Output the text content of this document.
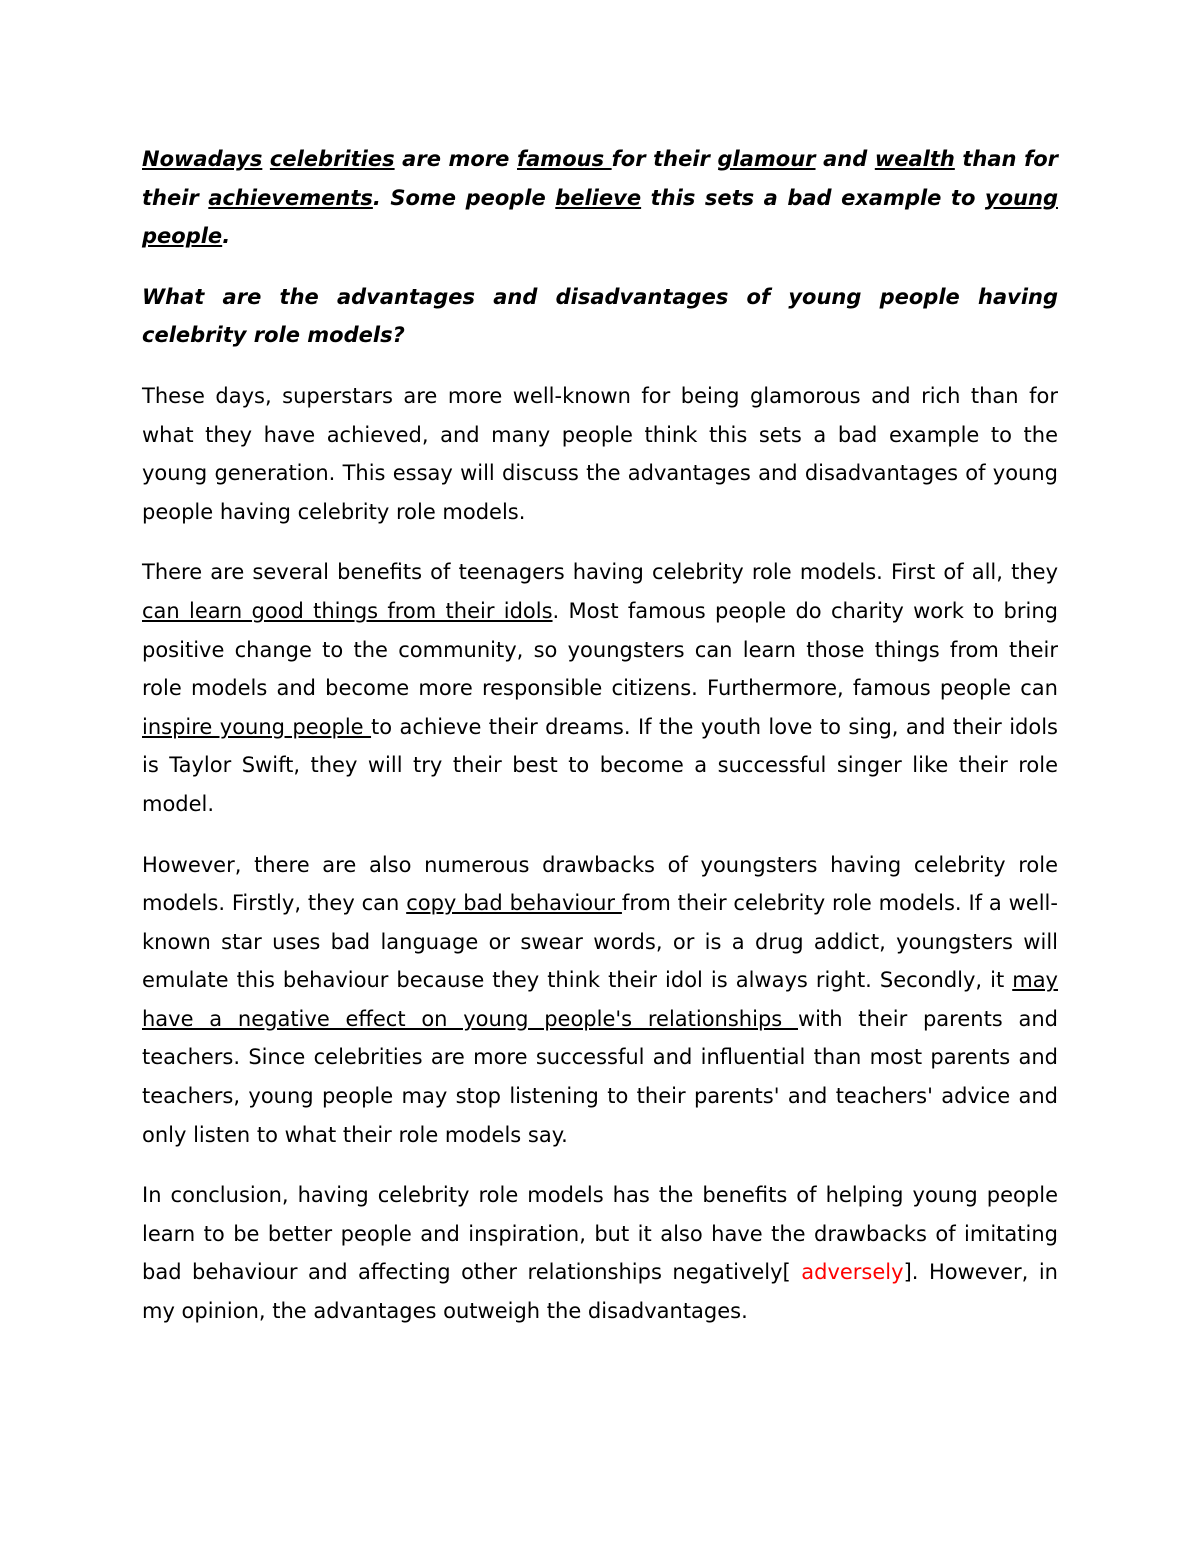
Nowadays celebrities are more famous for their glamour and wealth than for their achievements. Some people believe this sets a bad example to young people.

What are the advantages and disadvantages of young people having celebrity role models?

These days, superstars are more well-known for being glamorous and rich than for what they have achieved, and many people think this sets a bad example to the young generation. This essay will discuss the advantages and disadvantages of young people having celebrity role models.

There are several benefits of teenagers having celebrity role models. First of all, they can learn good things from their idols. Most famous people do charity work to bring positive change to the community, so youngsters can learn those things from their role models and become more responsible citizens. Furthermore, famous people can inspire young people to achieve their dreams. If the youth love to sing, and their idols is Taylor Swift, they will try their best to become a successful singer like their role model.

However, there are also numerous drawbacks of youngsters having celebrity role models. Firstly, they can copy bad behaviour from their celebrity role models. If a well-known star uses bad language or swear words, or is a drug addict, youngsters will emulate this behaviour because they think their idol is always right. Secondly, it may have a negative effect on young people's relationships with their parents and teachers. Since celebrities are more successful and influential than most parents and teachers, young people may stop listening to their parents' and teachers' advice and only listen to what their role models say.

In conclusion, having celebrity role models has the benefits of helping young people learn to be better people and inspiration, but it also have the drawbacks of imitating bad behaviour and affecting other relationships negatively[ adversely]. However, in my opinion, the advantages outweigh the disadvantages.
